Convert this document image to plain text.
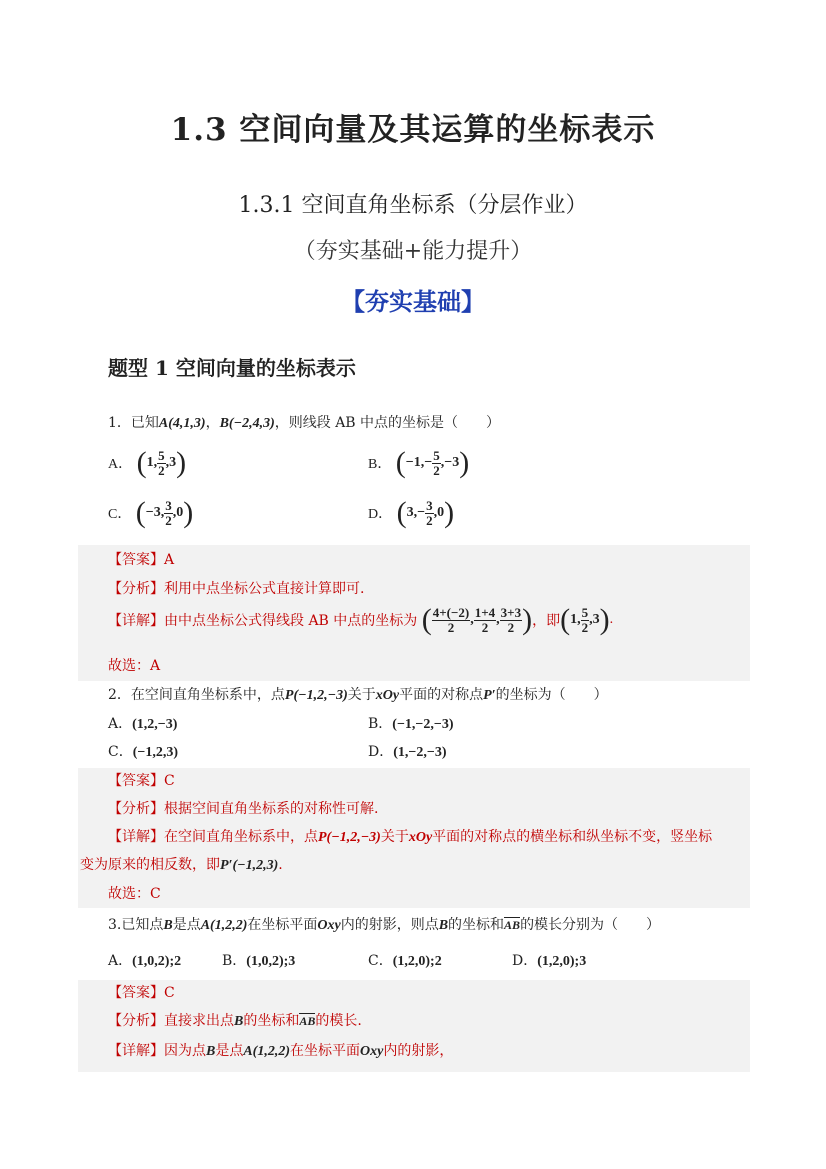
1.3 空间向量及其运算的坐标表示
1.3.1 空间直角坐标系（分层作业）
（夯实基础+能力提升）
【夯实基础】
题型 1 空间向量的坐标表示
1．已知A(4,1,3)，B(−2,4,3)，则线段 AB 中点的坐标是（　　）
A． (1, $\frac{5}{2} ,3$)	B． $(-1,- \frac{5}{2} ,-3)$
C． (−3, $\frac{3}{2} ,0$)	D． $(3,- \frac{3}{2} ,0)$
【答案】A
【分析】利用中点坐标公式直接计算即可.
【详解】由中点坐标公式得线段 AB 中点的坐标为 ( $\frac{4+(-2)}{2}$ , $\frac{1+4}{2}$ , $\frac{3+3}{2}$ )，即(1, $\frac{5}{2} ,3$).
故选：A
2．在空间直角坐标系中，点P(−1,2,−3)关于xOy平面的对称点P′的坐标为（　　）
A．(1,2,−3)	B．(−1,−2,−3)
C．(−1,2,3)	D．(1,−2,−3)
【答案】C
【分析】根据空间直角坐标系的对称性可解.
【详解】在空间直角坐标系中，点P(−1,2,−3)关于xOy平面的对称点的横坐标和纵坐标不变，竖坐标
变为原来的相反数，即P′(−1,2,3).
故选：C
3.已知点B是点A(1,2,2)在坐标平面Oxy内的射影，则点B的坐标和AB的模长分别为（　　）
A．(1,0,2);2	B．(1,0,2);3	C．(1,2,0);2	D．(1,2,0);3
【答案】C
【分析】直接求出点B的坐标和AB的模长.
【详解】因为点B是点A(1,2,2)在坐标平面Oxy内的射影，
